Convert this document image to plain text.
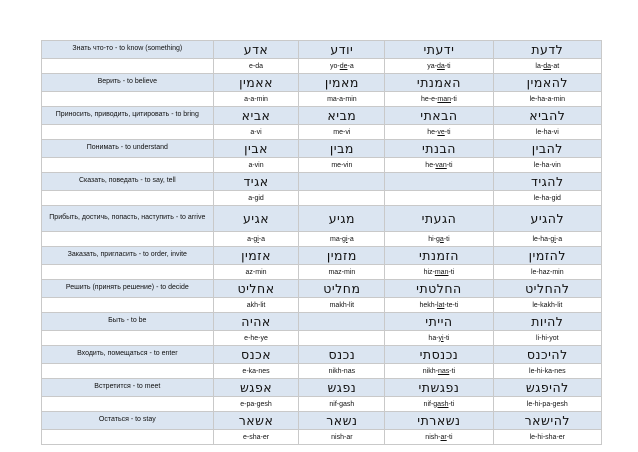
Знать что-то - to know (something)	אדע	יודע	ידעתי	לדעת
	e-da	yo-de-a	ya-da-ti	la-da-at
Верить - to believe	אאמין	מאמין	האמנתי	להאמין
	a-a-min	ma-a-min	he-e-man-ti	le-ha-a-min
Приносить, приводить, цитировать - to bring	אביא	מביא	הבאתי	להביא
	a-vi	me-vi	he-ve-ti	le-ha-vi
Понимать - to understand	אבין	מבין	הבנתי	להבין
	a-vin	me-vin	he-van-ti	le-ha-vin
Сказать, поведать - to say, tell	אגיד			להגיד
	a-gid			le-ha-gid
Прибыть, достичь, попасть, наступить - to arrive	אגיע	מגיע	הגעתי	להגיע
	a-gi-a	ma-gi-a	hi-ga-ti	le-ha-gi-a
Заказать, пригласить - to order, invite	אזמין	מזמין	הזמנתי	להזמין
	az-min	maz-min	hiz-man-ti	le-haz-min
Решить (принять решение) - to decide	אחליט	מחליט	החלטתי	להחליט
	akh-lit	makh-lit	hekh-lat-te-ti	le-kakh-lit
Быть - to be	אהיה		הייתי	להיות
	e-he-ye		ha-yi-ti	li-hi-yot
Входить, помещаться - to enter	אכנס	נכנס	נכנסתי	להיכנס
	e-ka-nes	nikh-nas	nikh-nas-ti	le-hi-ka-nes
Встретится - to meet	אפגש	נפגש	נפגשתי	להיפגש
	e-pa-gesh	nif-gash	nif-gash-ti	le-hi-pa-gesh
Остаться - to stay	אשאר	נשאר	נשארתי	להישאר
	e-sha-er	nish-ar	nish-ar-ti	le-hi-sha-er
